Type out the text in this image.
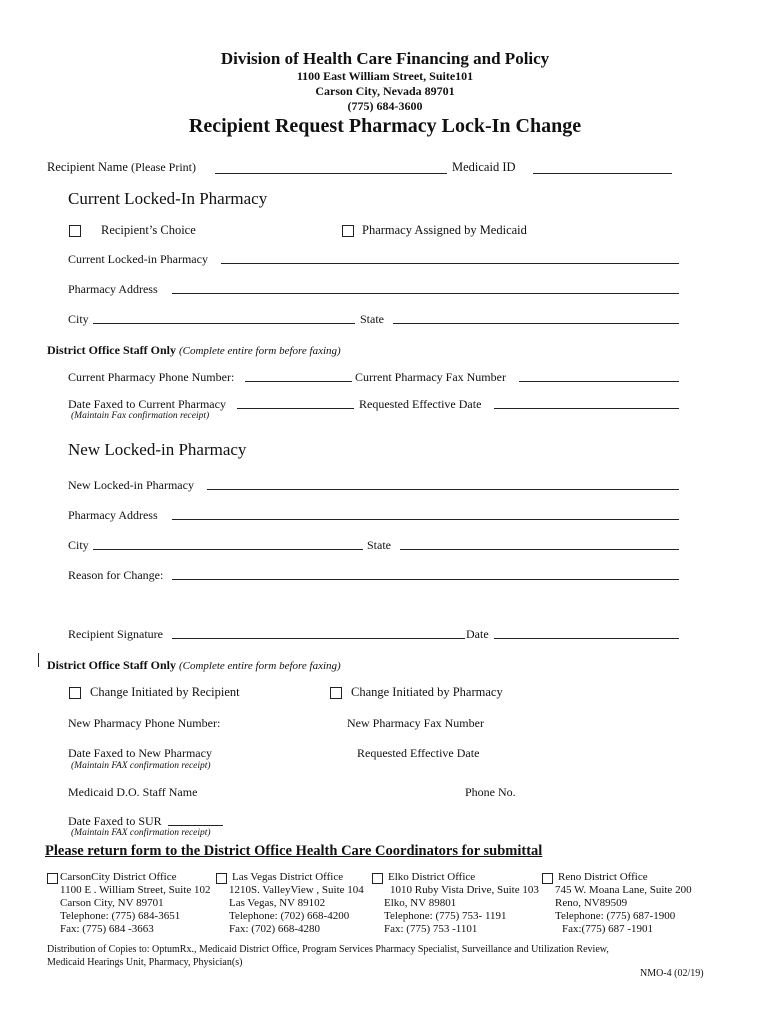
Division of Health Care Financing and Policy
1100 East William Street, Suite101
Carson City, Nevada 89701
(775) 684-3600
Recipient Request Pharmacy Lock-In Change
Recipient Name (Please Print)	Medicaid ID
Current Locked-In Pharmacy
Recipient’s Choice	Pharmacy Assigned by Medicaid
Current Locked-in Pharmacy
Pharmacy Address
City	State
District Office Staff Only (Complete entire form before faxing)
Current Pharmacy Phone Number:	Current Pharmacy Fax Number
Date Faxed to Current Pharmacy	Requested Effective Date
(Maintain Fax confirmation receipt)
New Locked-in Pharmacy
New Locked-in Pharmacy
Pharmacy Address
City	State
Reason for Change:
Recipient Signature	Date
District Office Staff Only (Complete entire form before faxing)
Change Initiated by Recipient	Change Initiated by Pharmacy
New Pharmacy Phone Number:	New Pharmacy Fax Number
Date Faxed to New Pharmacy	Requested Effective Date
(Maintain FAX confirmation receipt)
Medicaid D.O. Staff Name	Phone No.
Date Faxed to SUR
(Maintain FAX confirmation receipt)
Please return form to the District Office Health Care Coordinators for submittal
CarsonCity District Office
1100 E . William Street, Suite 102
Carson City, NV 89701
Telephone: (775) 684-3651
Fax: (775) 684 -3663
Las Vegas District Office
1210S. ValleyView , Suite 104
Las Vegas, NV 89102
Telephone: (702) 668-4200
Fax: (702) 668-4280
Elko District Office
1010 Ruby Vista Drive, Suite 103
Elko, NV 89801
Telephone: (775) 753- 1191
Fax: (775) 753 -1101
Reno District Office
745 W. Moana Lane, Suite 200
Reno, NV89509
Telephone: (775) 687-1900
Fax:(775) 687 -1901
Distribution of Copies to: OptumRx., Medicaid District Office, Program Services Pharmacy Specialist, Surveillance and Utilization Review,
Medicaid Hearings Unit, Pharmacy, Physician(s)
NMO-4 (02/19)
